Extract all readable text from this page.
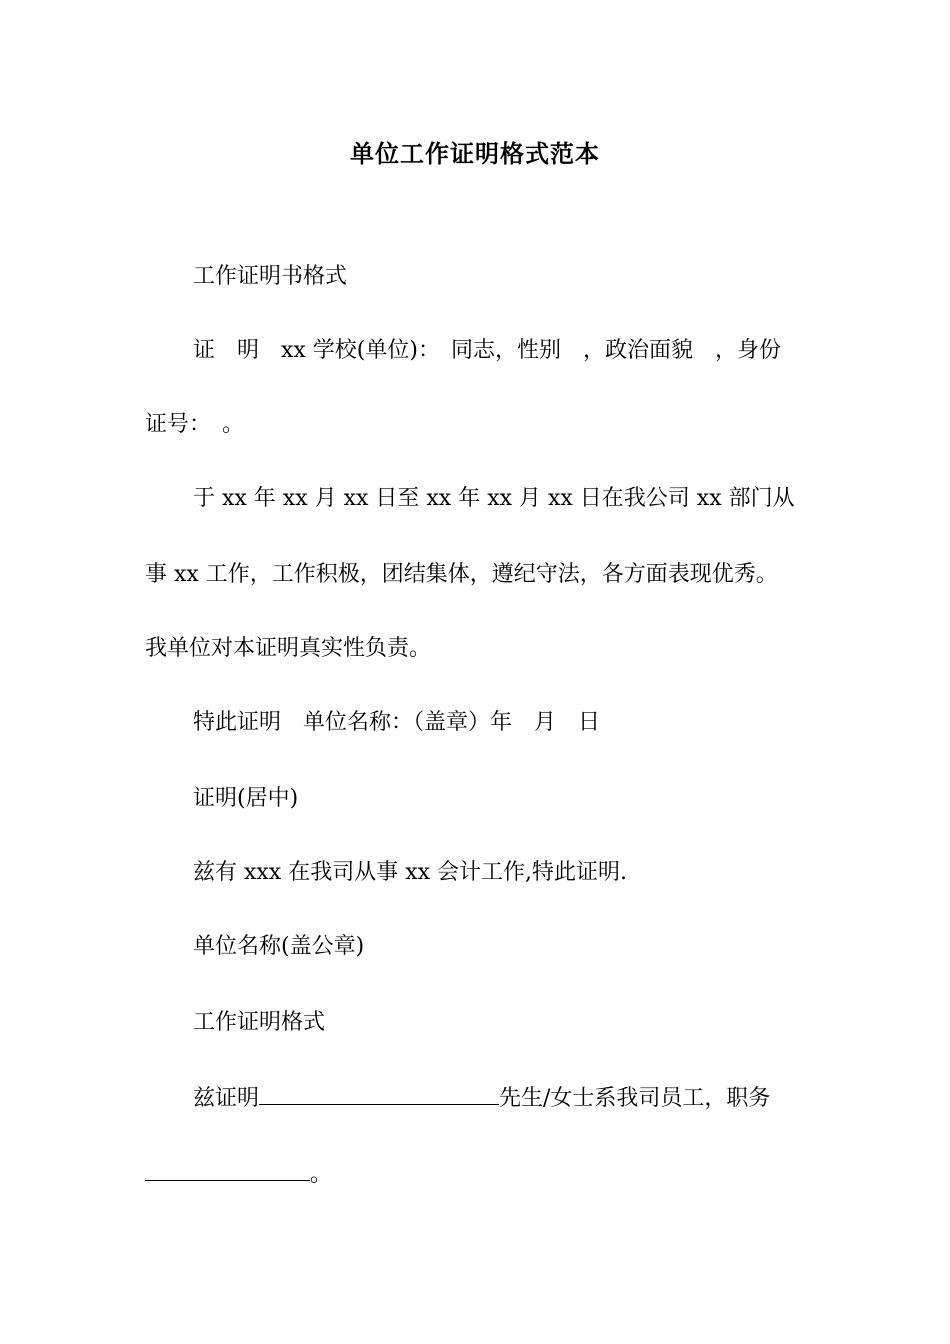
单位工作证明格式范本
工作证明书格式
证　明　xx 学校(单位)：　同志，性别　，政治面貌　，身份
证号：　。
于 xx 年 xx 月 xx 日至 xx 年 xx 月 xx 日在我公司 xx 部门从
事 xx 工作，工作积极，团结集体，遵纪守法，各方面表现优秀。
我单位对本证明真实性负责。
特此证明　单位名称：（盖章）年　月　日
证明(居中)
兹有 xxx 在我司从事 xx 会计工作,特此证明.
单位名称(盖公章)
工作证明格式
兹证明	先生/女士系我司员工，职务
。
